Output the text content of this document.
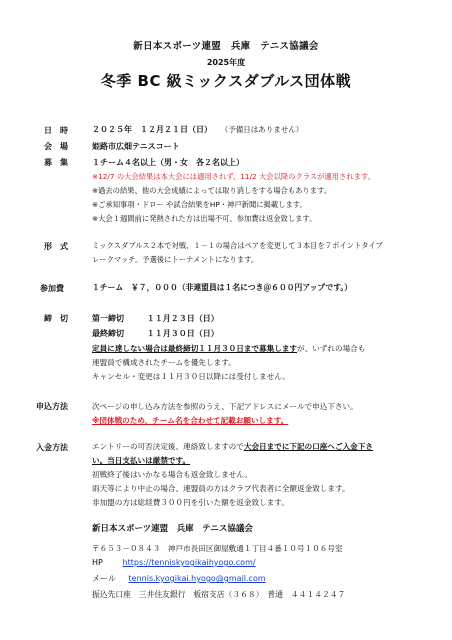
新日本スポーツ連盟　兵庫　テニス協議会
2025年度
冬季 BC 級ミックスダブルス団体戦
日　時	２０２５年　１２月２１日（日） （予備日はありません）
会　場	姫路市広畑テニスコート
募　集	１チーム４名以上（男・女　各２名以上）
※12/7 の大会結果は本大会には適用されず、11/2 大会以降のクラスが適用されます。
※過去の結果、他の大会成績によっては取り消しをする場合もあります。
※ご承知事項・ドロー や試合結果をHP・神戸新聞に掲載します。
※大会１週間前に発熱された方は出場不可、参加費は返金致します。
形　式	ミックスダブルス２本で対戦、１－１の場合はペアを変更して３本目を７ポイントタイブ
レークマッチ。予選後にトーナメントになります。
参加費	１チーム　￥７，０００（非連盟員は１名につき＠６００円アップです。）
締　切	第一締切	１１月２３日（日）
最終締切	１１月３０日（日）
定員に達しない場合は最終締切１１月３０日まで募集しますが、いずれの場合も
連盟員で構成されたチームを優先します。
キャンセル・変更は１１月３０日以降には受付しません。
申込方法	次ページの申し込み方法を参照のうえ、下記アドレスにメールで申込下さい。
※団体戦のため、チーム名を合わせて記載お願いします。
入金方法	エントリーの可否決定後、連絡致しますので大会日までに下記の口座へご入金下さ
い。当日支払いは厳禁です。
初戦終了後はいかなる場合も返金致しません。
雨天等により中止の場合、連盟員の方はクラブ代表者に全額返金致します。
非加盟の方は総経費３００円を引いた額を返金致します。
新日本スポーツ連盟　兵庫　テニス協議会
〒６５３－０８４３　神戸市長田区御屋敷通１丁目４番１０号１０６号室
HP https://tenniskyogikaihyogo.com/
メール tennis.kyogikai.hyogo@gmail.com
振込先口座　三井住友銀行　板宿支店（３６８）　普通　４４１４２４７
